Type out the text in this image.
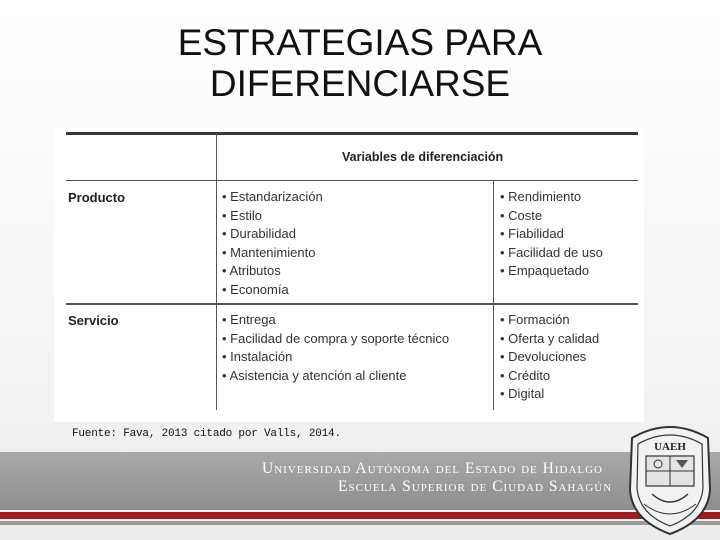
ESTRATEGIAS PARA
DIFERENCIARSE
Variables de diferenciación
Producto
Servicio
• Estandarización
• Estilo
• Durabilidad
• Mantenimiento
• Atributos
• Economía
• Rendimiento
• Coste
• Fiabilidad
• Facilidad de uso
• Empaquetado
• Entrega
• Facilidad de compra y soporte técnico
• Instalación
• Asistencia y atención al cliente
• Formación
• Oferta y calidad
• Devoluciones
• Crédito
• Digital
Fuente: Fava, 2013 citado por Valls, 2014.
Universidad Autónoma del Estado de Hidalgo
Escuela Superior de Ciudad Sahagún
UAEH
